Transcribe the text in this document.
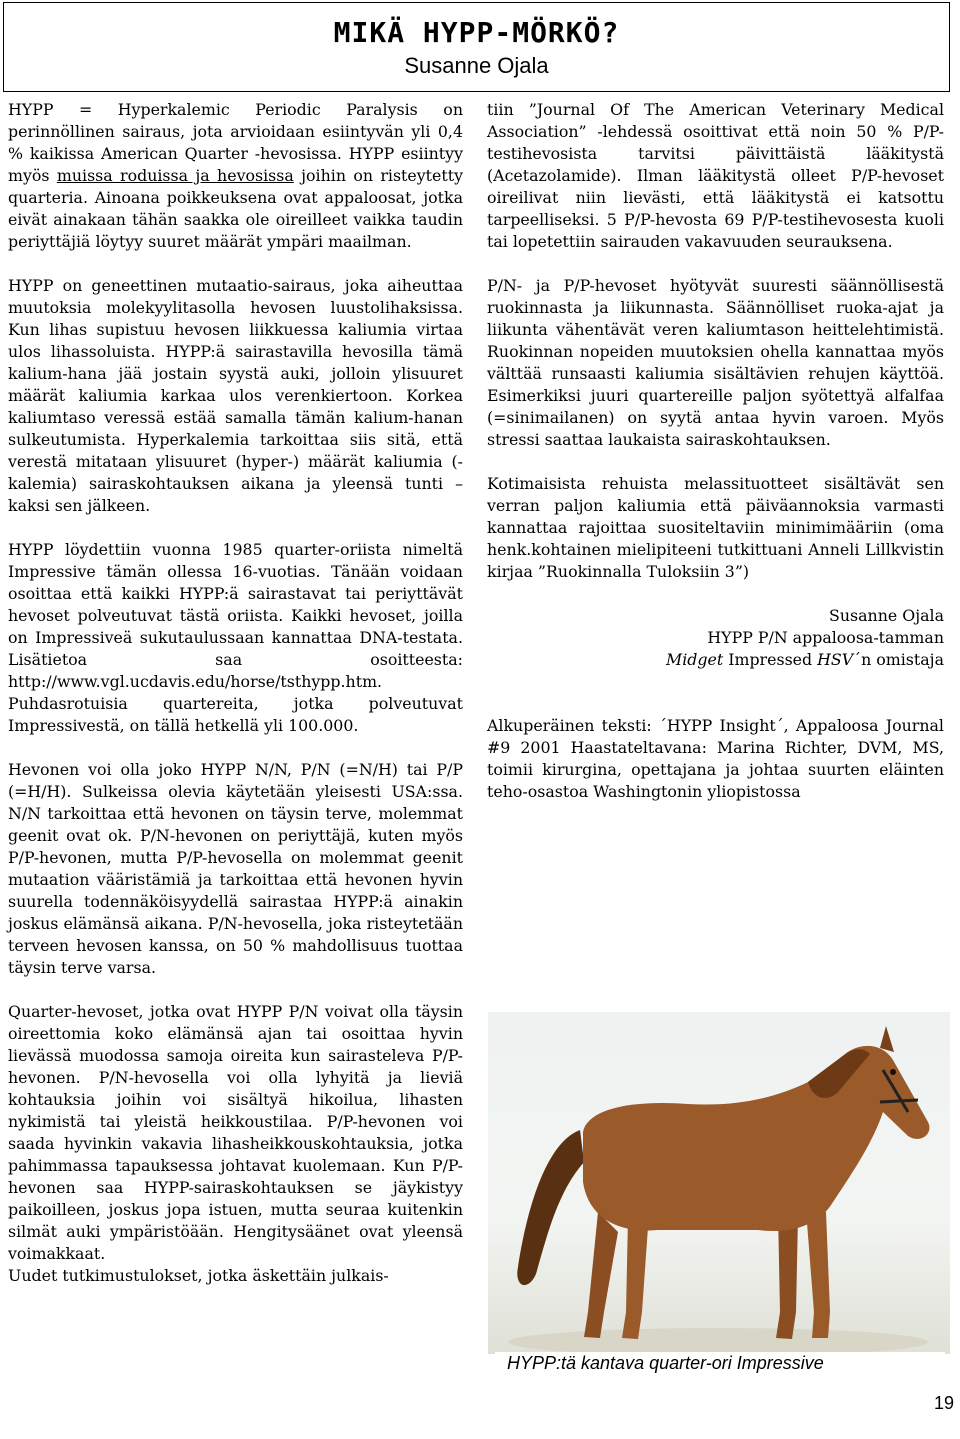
MIKÄ HYPP-MÖRKÖ?
Susanne Ojala

HYPP = Hyperkalemic Periodic Paralysis on perinnöllinen sairaus, jota arvioidaan esiintyvän yli 0,4 % kaikissa American Quarter -hevosissa. HYPP esiintyy myös muissa roduissa ja hevosissa joihin on risteytetty quarteria. Ainoana poikkeuksena ovat appaloosat, jotka eivät ainakaan tähän saakka ole oireilleet vaikka taudin periyttäjiä löytyy suuret määrät ympäri maailman.

HYPP on geneettinen mutaatio-sairaus, joka aiheuttaa muutoksia molekyylitasolla hevosen luustolihaksissa. Kun lihas supistuu hevosen liikkuessa kaliumia virtaa ulos lihassoluista. HYPP:ä sairastavilla hevosilla tämä kalium-hana jää jostain syystä auki, jolloin ylisuuret määrät kaliumia karkaa ulos verenkiertoon. Korkea kaliumtaso veressä estää samalla tämän kalium-hanan sulkeutumista. Hyperkalemia tarkoittaa siis sitä, että verestä mitataan ylisuuret (hyper-) määrät kaliumia (-kalemia) sairaskohtauksen aikana ja yleensä tunti – kaksi sen jälkeen.

HYPP löydettiin vuonna 1985 quarter-oriista nimeltä Impressive tämän ollessa 16-vuotias. Tänään voidaan osoittaa että kaikki HYPP:ä sairastavat tai periyttävät hevoset polveutuvat tästä oriista. Kaikki hevoset, joilla on Impressiveä sukutaulussaan kannattaa DNA-testata. Lisätietoa saa osoitteesta: http://www.vgl.ucdavis.edu/horse/tsthypp.htm. Puhdasrotuisia quartereita, jotka polveutuvat Impressivestä, on tällä hetkellä yli 100.000.

Hevonen voi olla joko HYPP N/N, P/N (=N/H) tai P/P (=H/H). Sulkeissa olevia käytetään yleisesti USA:ssa. N/N tarkoittaa että hevonen on täysin terve, molemmat geenit ovat ok. P/N-hevonen on periyttäjä, kuten myös P/P-hevonen, mutta P/P-hevosella on molemmat geenit mutaation vääristämiä ja tarkoittaa että hevonen hyvin suurella todennäköisyydellä sairastaa HYPP:ä ainakin joskus elämänsä aikana. P/N-hevosella, joka risteytetään terveen hevosen kanssa, on 50 % mahdollisuus tuottaa täysin terve varsa.

Quarter-hevoset, jotka ovat HYPP P/N voivat olla täysin oireettomia koko elämänsä ajan tai osoittaa hyvin lievässä muodossa samoja oireita kun sairasteleva P/P-hevonen. P/N-hevosella voi olla lyhyitä ja lieviä kohtauksia joihin voi sisältyä hikoilua, lihasten nykimistä tai yleistä heikkoustilaa. P/P-hevonen voi saada hyvinkin vakavia lihasheikkouskohtauksia, jotka pahimmassa tapauksessa johtavat kuolemaan. Kun P/P-hevonen saa HYPP-sairaskohtauksen se jäykistyy paikoilleen, joskus jopa istuen, mutta seuraa kuitenkin silmät auki ympäristöään. Hengitysäänet ovat yleensä voimakkaat.

Uudet tutkimustulokset, jotka äskettäin julkais-

tiin ”Journal Of The American Veterinary Medical Association” -lehdessä osoittivat että noin 50 % P/P-testihevosista tarvitsi päivittäistä lääkitystä (Acetazolamide). Ilman lääkitystä olleet P/P-hevoset oireilivat niin lievästi, että lääkitystä ei katsottu tarpeelliseksi. 5 P/P-hevosta 69 P/P-testihevosesta kuoli tai lopetettiin sairauden vakavuuden seurauksena.

P/N- ja P/P-hevoset hyötyvät suuresti säännöllisestä ruokinnasta ja liikunnasta. Säännölliset ruoka-ajat ja liikunta vähentävät veren kaliumtason heittelehtimistä. Ruokinnan nopeiden muutoksien ohella kannattaa myös välttää runsaasti kaliumia sisältävien rehujen käyttöä. Esimerkiksi juuri quartereille paljon syötettyä alfalfaa (=sinimailanen) on syytä antaa hyvin varoen. Myös stressi saattaa laukaista sairaskohtauksen.

Kotimaisista rehuista melassituotteet sisältävät sen verran paljon kaliumia että päiväannoksia varmasti kannattaa rajoittaa suositeltaviin minimimääriin (oma henk.kohtainen mielipiteeni tutkittuani Anneli Lillkvistin kirjaa ”Ruokinnalla Tuloksiin 3”)

Susanne Ojala

HYPP P/N appaloosa-tamman

Midget Impressed HSV´n omistaja

Alkuperäinen teksti: ´HYPP Insight´, Appaloosa Journal #9 2001 Haastateltavana: Marina Richter, DVM, MS, toimii kirurgina, opettajana ja johtaa suurten eläinten teho-osastoa Washingtonin yliopistossa

HYPP:tä kantava quarter-ori Impressive
19
